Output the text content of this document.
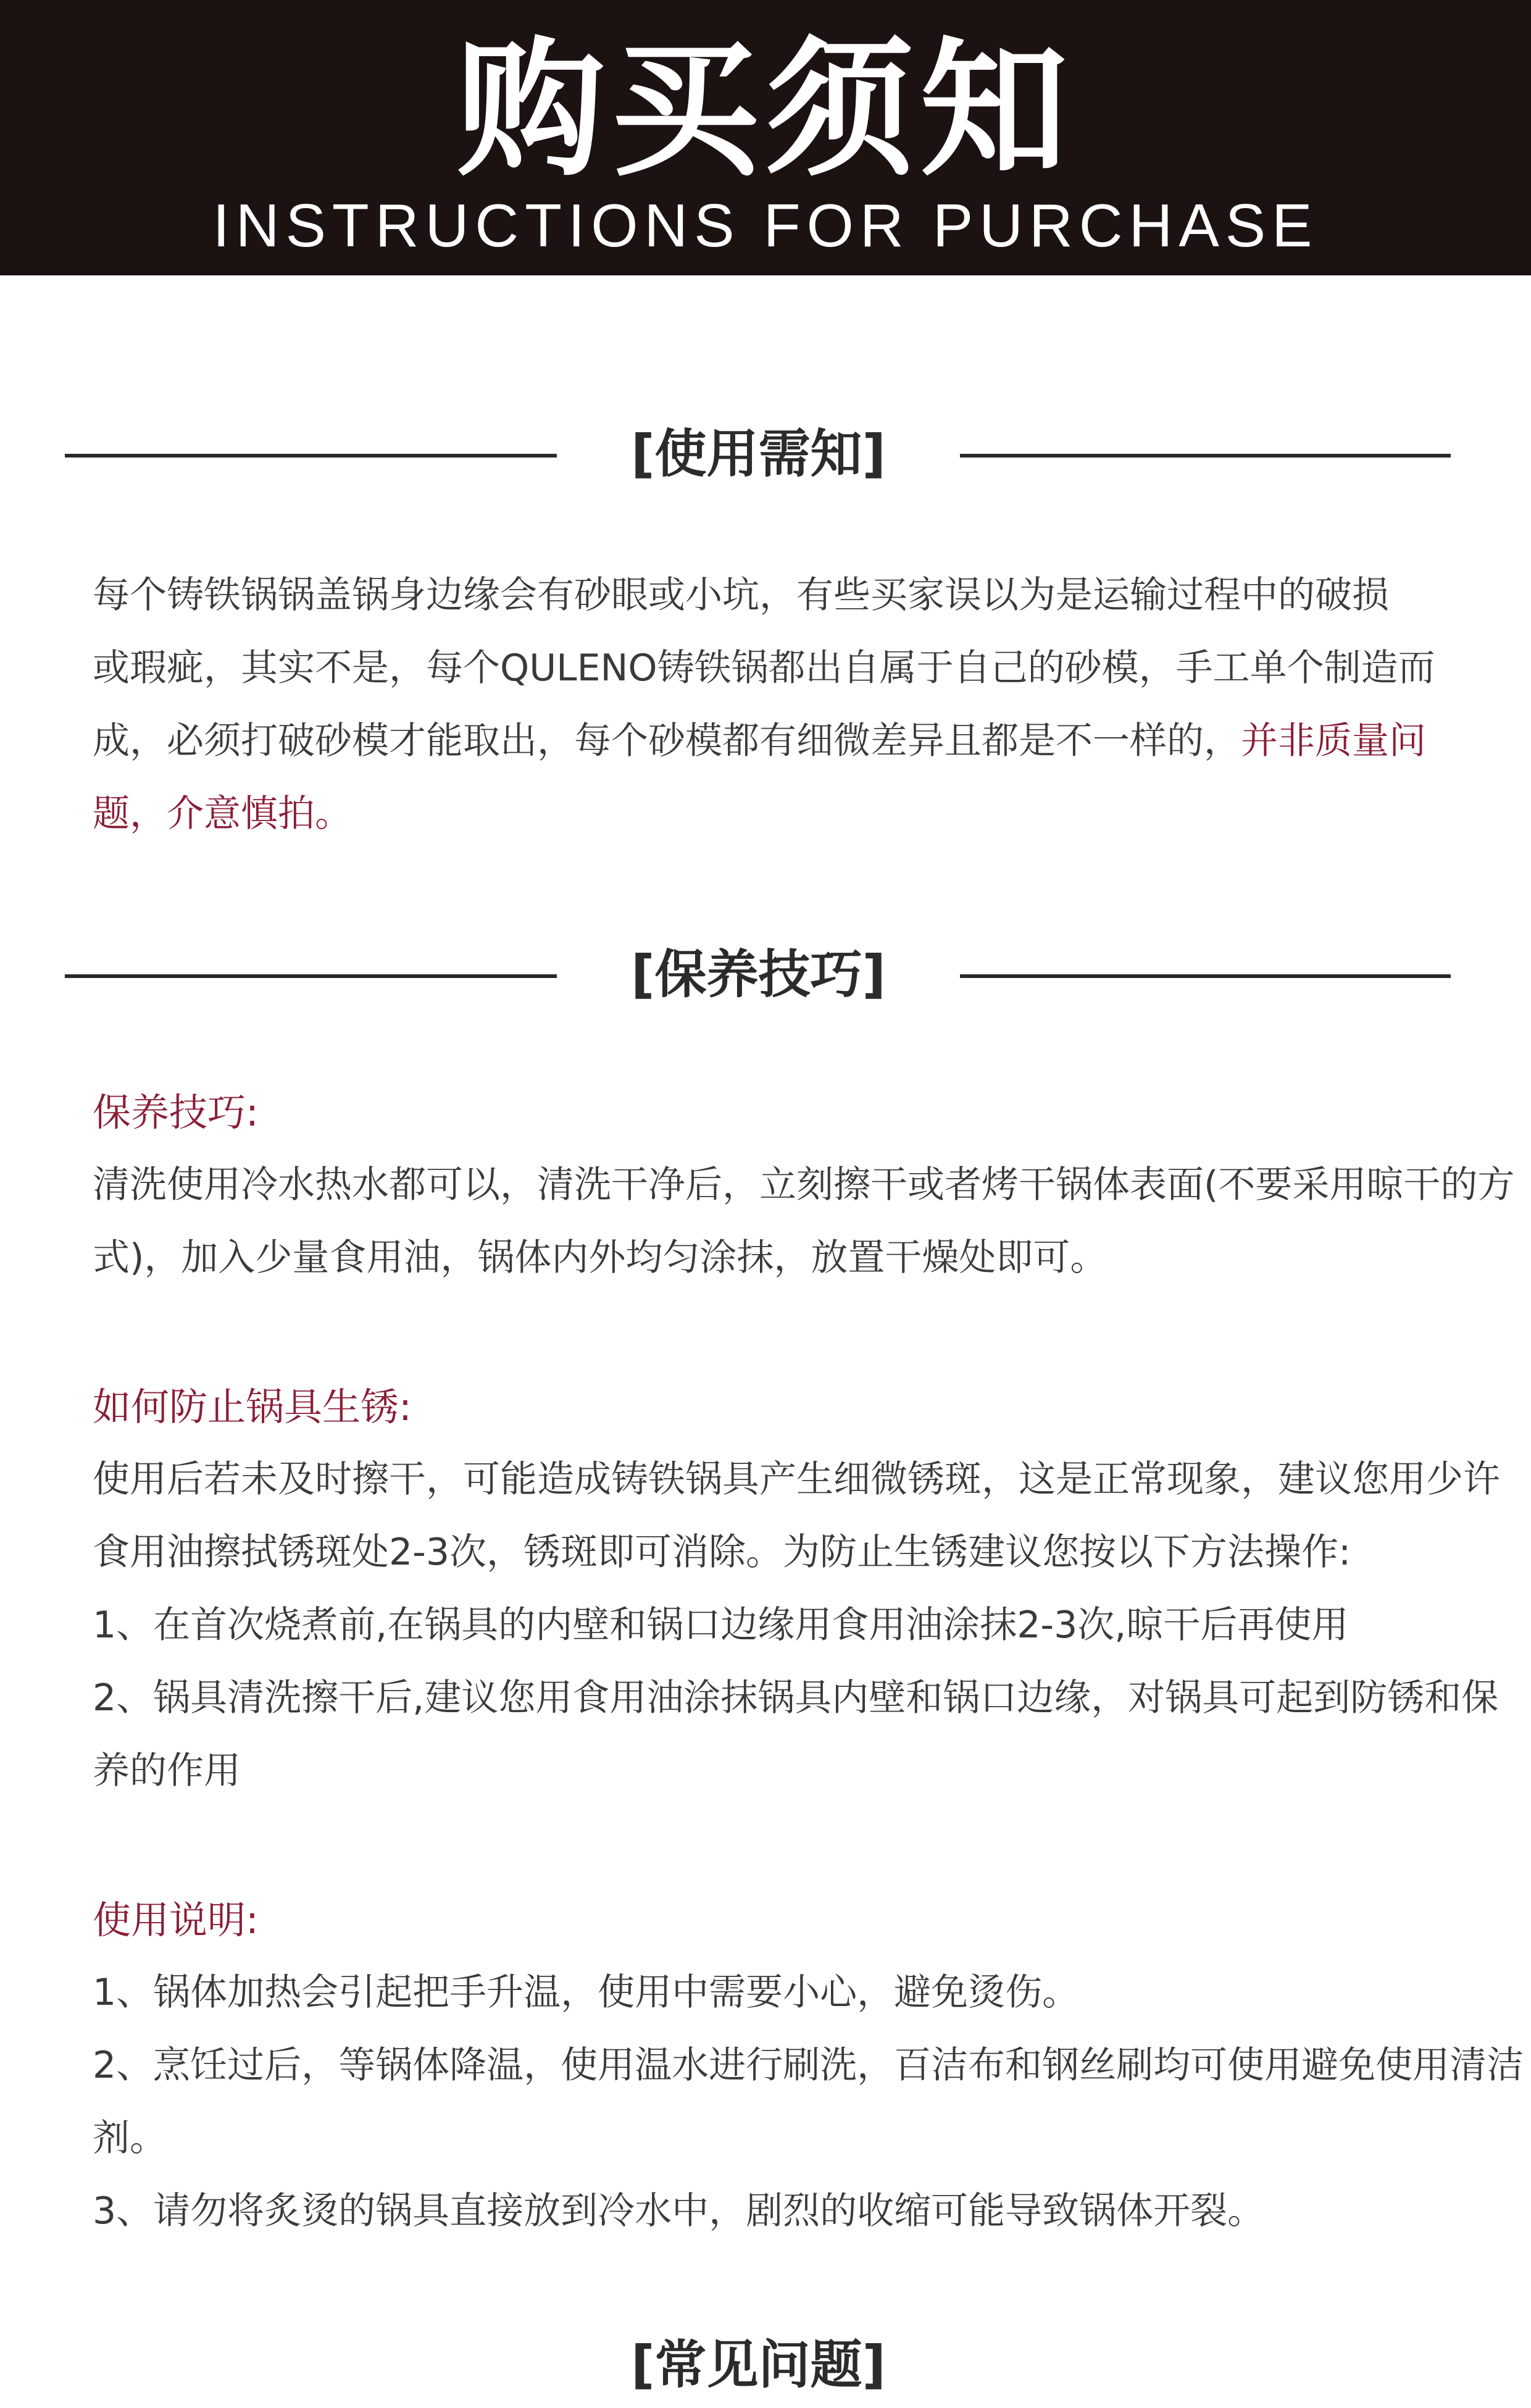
购买须知
INSTRUCTIONS FOR PURCHASE
[使用需知]
每个铸铁锅锅盖锅身边缘会有砂眼或小坑，有些买家误以为是运输过程中的破损
或瑕疵，其实不是，每个QULENO铸铁锅都出自属于自己的砂模，手工单个制造而
成，必须打破砂模才能取出，每个砂模都有细微差异且都是不一样的，并非质量问
题，介意慎拍。
[保养技巧]
保养技巧:
清洗使用冷水热水都可以，清洗干净后，立刻擦干或者烤干锅体表面(不要采用晾干的方
式)，加入少量食用油，锅体内外均匀涂抹，放置干燥处即可。
如何防止锅具生锈:
使用后若未及时擦干，可能造成铸铁锅具产生细微锈斑，这是正常现象，建议您用少许
食用油擦拭锈斑处2-3次，锈斑即可消除。为防止生锈建议您按以下方法操作:
1、在首次烧煮前,在锅具的内壁和锅口边缘用食用油涂抹2-3次,晾干后再使用
2、锅具清洗擦干后,建议您用食用油涂抹锅具内壁和锅口边缘，对锅具可起到防锈和保
养的作用
使用说明:
1、锅体加热会引起把手升温，使用中需要小心，避免烫伤。
2、烹饪过后，等锅体降温，使用温水进行刷洗，百洁布和钢丝刷均可使用避免使用清洁
剂。
3、请勿将炙烫的锅具直接放到冷水中，剧烈的收缩可能导致锅体开裂。
[常见问题]
